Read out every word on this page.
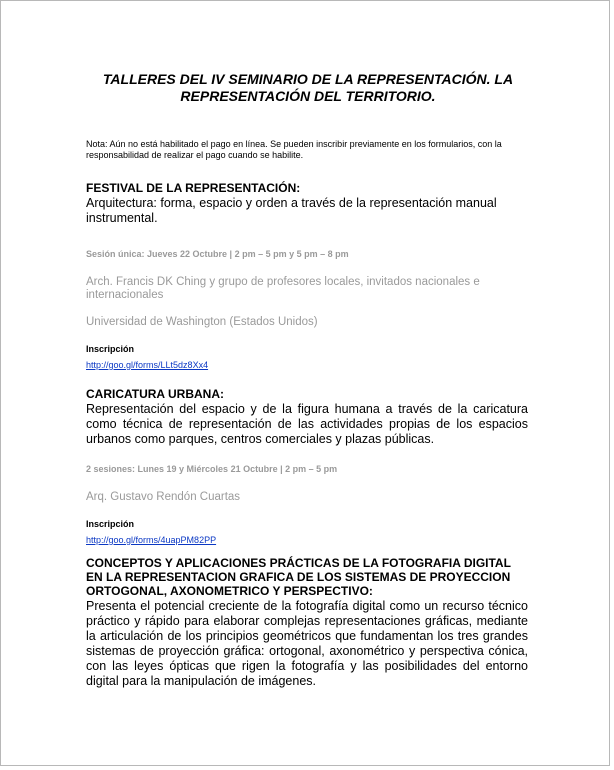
TALLERES DEL IV SEMINARIO DE LA REPRESENTACIÓN. LA REPRESENTACIÓN DEL TERRITORIO.
Nota: Aún no está habilitado el pago en línea. Se pueden inscribir previamente en los formularios, con la responsabilidad de realizar el pago cuando se habilite.
FESTIVAL DE LA REPRESENTACIÓN:
Arquitectura: forma, espacio y orden a través de la representación manual instrumental.
Sesión única: Jueves 22 Octubre | 2 pm – 5 pm y 5 pm – 8 pm
Arch. Francis DK Ching y grupo de profesores locales, invitados nacionales e internacionales
Universidad de Washington (Estados Unidos)
Inscripción
http://goo.gl/forms/LLt5dz8Xx4
CARICATURA URBANA:
Representación del espacio y de la figura humana a través de la caricatura como técnica de representación de las actividades propias de los espacios urbanos como parques, centros comerciales y plazas públicas.
2 sesiones: Lunes 19 y Miércoles 21 Octubre | 2 pm – 5 pm
Arq. Gustavo Rendón Cuartas
Inscripción
http://goo.gl/forms/4uapPM82PP
CONCEPTOS Y APLICACIONES PRÁCTICAS DE LA FOTOGRAFIA DIGITAL EN LA REPRESENTACION GRAFICA DE LOS SISTEMAS DE PROYECCION ORTOGONAL, AXONOMETRICO Y PERSPECTIVO:
Presenta el potencial creciente de la fotografía digital como un recurso técnico práctico y rápido para elaborar complejas representaciones gráficas, mediante la articulación de los principios geométricos que fundamentan los tres grandes sistemas de proyección gráfica: ortogonal, axonométrico y perspectiva cónica, con las leyes ópticas que rigen la fotografía y las posibilidades del entorno digital para la manipulación de imágenes.
